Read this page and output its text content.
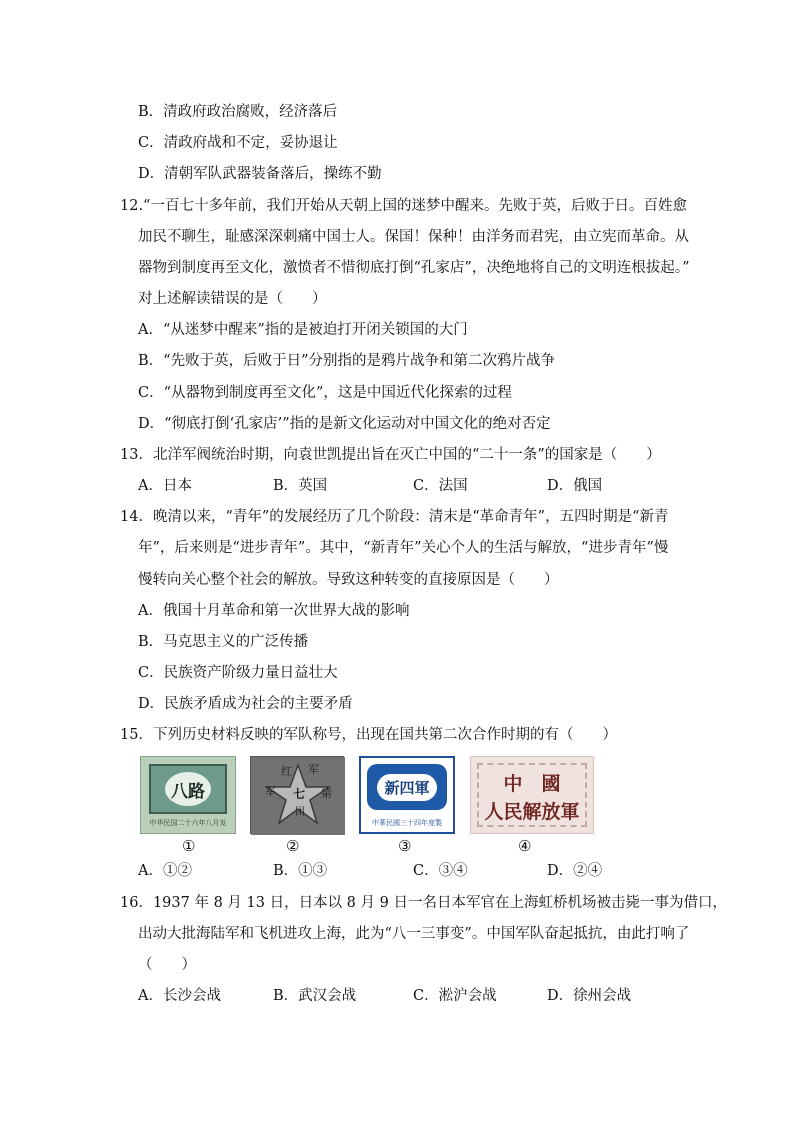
B．清政府政治腐败，经济落后
C．清政府战和不定，妥协退让
D．清朝军队武器装备落后，操练不勤
12.“一百七十多年前，我们开始从天朝上国的迷梦中醒来。先败于英，后败于日。百姓愈
加民不聊生，耻感深深刺痛中国士人。保国！保种！由洋务而君宪，由立宪而革命。从
器物到制度再至文化，激愤者不惜彻底打倒“孔家店”，决绝地将自己的文明连根拔起。”
对上述解读错误的是（　　）
A．“从迷梦中醒来”指的是被迫打开闭关锁国的大门
B．“先败于英，后败于日”分别指的是鸦片战争和第二次鸦片战争
C．“从器物到制度再至文化”，这是中国近代化探索的过程
D．“彻底打倒‘孔家店’”指的是新文化运动对中国文化的绝对否定
13．北洋军阀统治时期，向袁世凯提出旨在灭亡中国的“二十一条”的国家是（　　）
A．日本	B．英国	C．法国	D．俄国
14．晚清以来，“青年”的发展经历了几个阶段：清末是“革命青年”，五四时期是“新青
年”，后来则是“进步青年”。其中，“新青年”关心个人的生活与解放，“进步青年”慢
慢转向关心整个社会的解放。导致这种转变的直接原因是（　　）
A．俄国十月革命和第一次世界大战的影响
B．马克思主义的广泛传播
C．民族资产阶级力量日益壮大
D．民族矛盾成为社会的主要矛盾
15．下列历史材料反映的军队称号，出现在国共第二次合作时期的有（　　）
八路
中华民国二十六年八月发
红 军
军 七
团
第	新四軍
中華民國三十四年度製
中　國
人民解放軍
①	②	③	④
A．①②	B．①③	C．③④	D．②④
16．1937 年 8 月 13 日，日本以 8 月 9 日一名日本军官在上海虹桥机场被击毙一事为借口，
出动大批海陆军和飞机进攻上海，此为“八一三事变”。中国军队奋起抵抗，由此打响了
（　　）
A．长沙会战	B．武汉会战	C．淞沪会战	D．徐州会战
